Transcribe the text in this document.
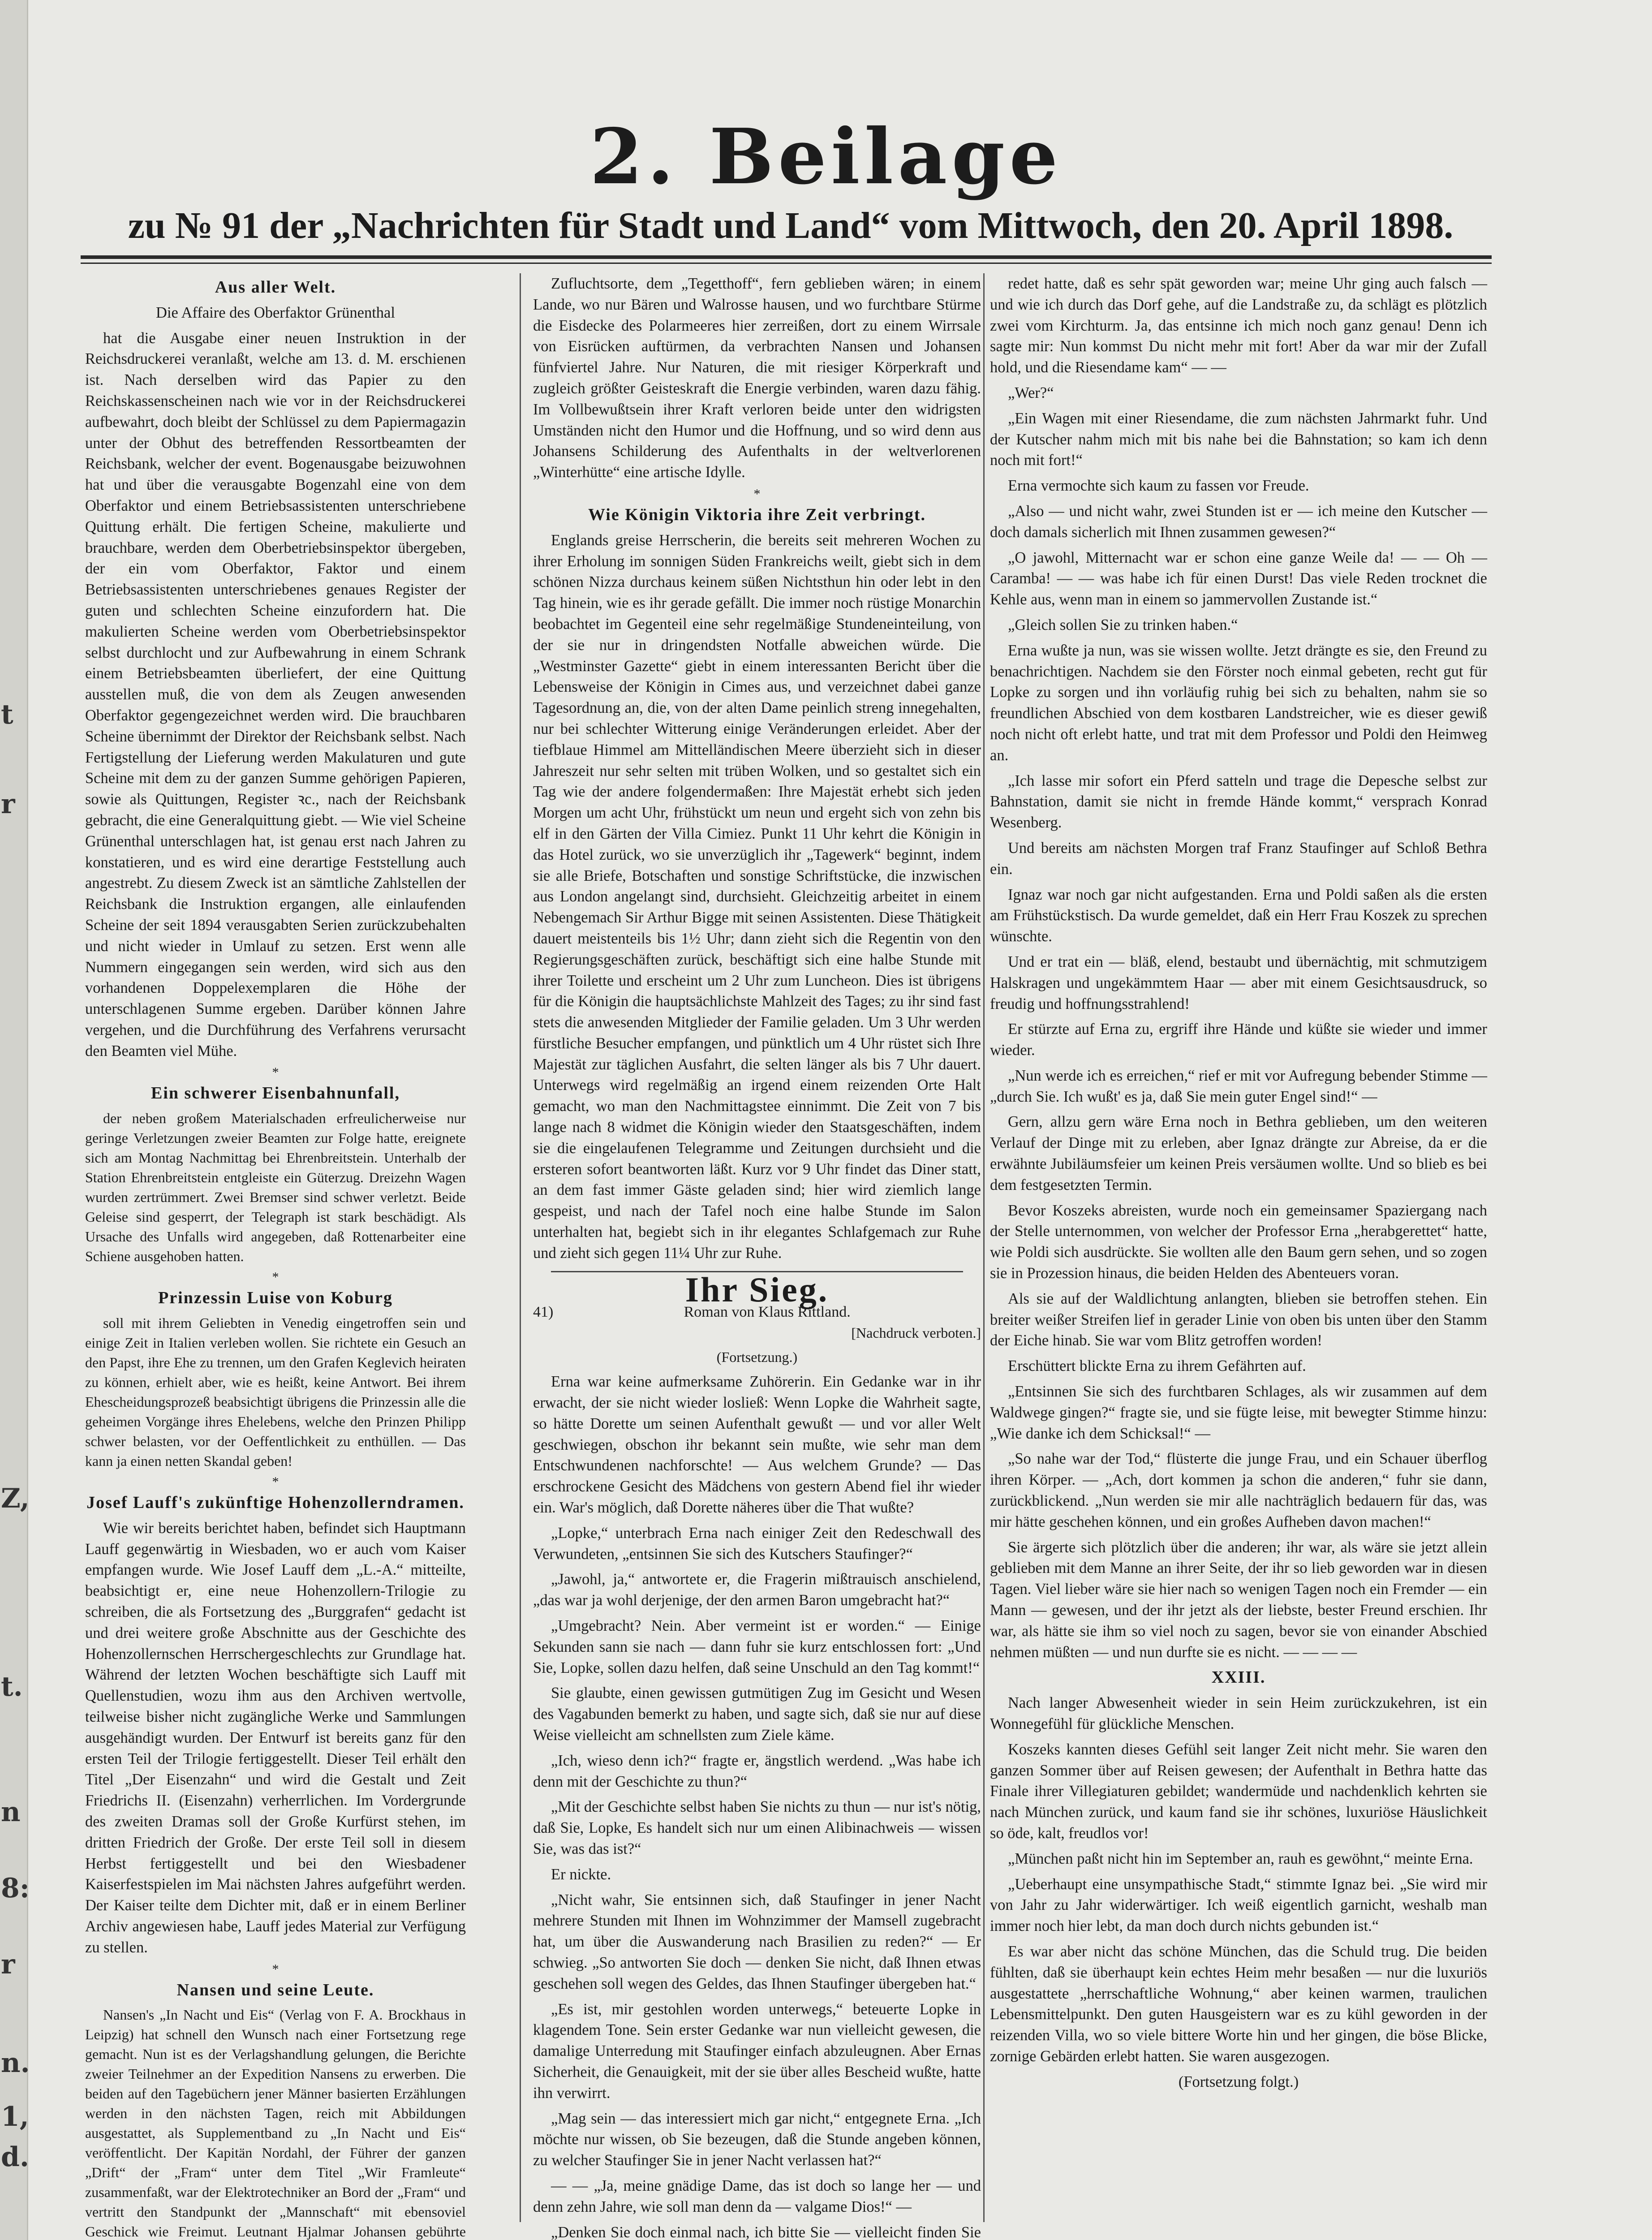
t
r
Z,
t.
n
8:
r
n.
1,
d.
2. Beilage
zu № 91 der „Nachrichten für Stadt und Land“ vom Mittwoch, den 20. April 1898.
Aus aller Welt.

Die Affaire des Oberfaktor Grünenthal

hat die Ausgabe einer neuen Instruktion in der Reichsdruckerei veranlaßt, welche am 13. d. M. erschienen ist. Nach derselben wird das Papier zu den Reichskassenscheinen nach wie vor in der Reichsdruckerei aufbewahrt, doch bleibt der Schlüssel zu dem Papiermagazin unter der Obhut des betreffenden Ressortbeamten der Reichsbank, welcher der event. Bogenausgabe beizuwohnen hat und über die verausgabte Bogenzahl eine von dem Oberfaktor und einem Betriebsassistenten unterschriebene Quittung erhält. Die fertigen Scheine, makulierte und brauchbare, werden dem Oberbetriebsinspektor übergeben, der ein vom Oberfaktor, Faktor und einem Betriebsassistenten unterschriebenes genaues Register der guten und schlechten Scheine einzufordern hat. Die makulierten Scheine werden vom Oberbetriebsinspektor selbst durchlocht und zur Aufbewahrung in einem Schrank einem Betriebsbeamten überliefert, der eine Quittung ausstellen muß, die von dem als Zeugen anwesenden Oberfaktor gegengezeichnet werden wird. Die brauchbaren Scheine übernimmt der Direktor der Reichsbank selbst. Nach Fertigstellung der Lieferung werden Makulaturen und gute Scheine mit dem zu der ganzen Summe gehörigen Papieren, sowie als Quittungen, Register ꝛc., nach der Reichsbank gebracht, die eine Generalquittung giebt. — Wie viel Scheine Grünenthal unterschlagen hat, ist genau erst nach Jahren zu konstatieren, und es wird eine derartige Feststellung auch angestrebt. Zu diesem Zweck ist an sämtliche Zahlstellen der Reichsbank die Instruktion ergangen, alle einlaufenden Scheine der seit 1894 verausgabten Serien zurückzubehalten und nicht wieder in Umlauf zu setzen. Erst wenn alle Nummern eingegangen sein werden, wird sich aus den vorhandenen Doppelexemplaren die Höhe der unterschlagenen Summe ergeben. Darüber können Jahre vergehen, und die Durchführung des Verfahrens verursacht den Beamten viel Mühe.

*
Ein schwerer Eisenbahnunfall,

der neben großem Materialschaden erfreulicherweise nur geringe Verletzungen zweier Beamten zur Folge hatte, ereignete sich am Montag Nachmittag bei Ehrenbreitstein. Unterhalb der Station Ehrenbreitstein entgleiste ein Güterzug. Dreizehn Wagen wurden zertrümmert. Zwei Bremser sind schwer verletzt. Beide Geleise sind gesperrt, der Telegraph ist stark beschädigt. Als Ursache des Unfalls wird angegeben, daß Rottenarbeiter eine Schiene ausgehoben hatten.

*
Prinzessin Luise von Koburg

soll mit ihrem Geliebten in Venedig eingetroffen sein und einige Zeit in Italien verleben wollen. Sie richtete ein Gesuch an den Papst, ihre Ehe zu trennen, um den Grafen Keglevich heiraten zu können, erhielt aber, wie es heißt, keine Antwort. Bei ihrem Ehescheidungsprozeß beabsichtigt übrigens die Prinzessin alle die geheimen Vorgänge ihres Ehelebens, welche den Prinzen Philipp schwer belasten, vor der Oeffentlichkeit zu enthüllen. — Das kann ja einen netten Skandal geben!

*
Josef Lauff's zukünftige Hohenzollerndramen.

Wie wir bereits berichtet haben, befindet sich Hauptmann Lauff gegenwärtig in Wiesbaden, wo er auch vom Kaiser empfangen wurde. Wie Josef Lauff dem „L.-A.“ mitteilte, beabsichtigt er, eine neue Hohenzollern-Trilogie zu schreiben, die als Fortsetzung des „Burggrafen“ gedacht ist und drei weitere große Abschnitte aus der Geschichte des Hohenzollernschen Herrschergeschlechts zur Grundlage hat. Während der letzten Wochen beschäftigte sich Lauff mit Quellenstudien, wozu ihm aus den Archiven wertvolle, teilweise bisher nicht zugängliche Werke und Sammlungen ausgehändigt wurden. Der Entwurf ist bereits ganz für den ersten Teil der Trilogie fertiggestellt. Dieser Teil erhält den Titel „Der Eisenzahn“ und wird die Gestalt und Zeit Friedrichs II. (Eisenzahn) verherrlichen. Im Vordergrunde des zweiten Dramas soll der Große Kurfürst stehen, im dritten Friedrich der Große. Der erste Teil soll in diesem Herbst fertiggestellt und bei den Wiesbadener Kaiserfestspielen im Mai nächsten Jahres aufgeführt werden. Der Kaiser teilte dem Dichter mit, daß er in einem Berliner Archiv angewiesen habe, Lauff jedes Material zur Verfügung zu stellen.

*
Nansen und seine Leute.

Nansen's „In Nacht und Eis“ (Verlag von F. A. Brockhaus in Leipzig) hat schnell den Wunsch nach einer Fortsetzung rege gemacht. Nun ist es der Verlagshandlung gelungen, die Berichte zweier Teilnehmer an der Expedition Nansens zu erwerben. Die beiden auf den Tagebüchern jener Männer basierten Erzählungen werden in den nächsten Tagen, reich mit Abbildungen ausgestattet, als Supplementband zu „In Nacht und Eis“ veröffentlicht. Der Kapitän Nordahl, der Führer der ganzen „Drift“ der „Fram“ unter dem Titel „Wir Framleute“ zusammenfaßt, war der Elektrotechniker an Bord der „Fram“ und vertritt den Standpunkt der „Mannschaft“ mit ebensoviel Geschick wie Freimut. Leutnant Hjalmar Johansen gebührte

Zufluchtsorte, dem „Tegetthoff“, fern geblieben wären; in einem Lande, wo nur Bären und Walrosse hausen, und wo furchtbare Stürme die Eisdecke des Polarmeeres hier zerreißen, dort zu einem Wirrsale von Eisrücken auftürmen, da verbrachten Nansen und Johansen fünfviertel Jahre. Nur Naturen, die mit riesiger Körperkraft und zugleich größter Geisteskraft die Energie verbinden, waren dazu fähig. Im Vollbewußtsein ihrer Kraft verloren beide unter den widrigsten Umständen nicht den Humor und die Hoffnung, und so wird denn aus Johansens Schilderung des Aufenthalts in der weltverlorenen „Winterhütte“ eine artische Idylle.

*
Wie Königin Viktoria ihre Zeit verbringt.

Englands greise Herrscherin, die bereits seit mehreren Wochen zu ihrer Erholung im sonnigen Süden Frankreichs weilt, giebt sich in dem schönen Nizza durchaus keinem süßen Nichtsthun hin oder lebt in den Tag hinein, wie es ihr gerade gefällt. Die immer noch rüstige Monarchin beobachtet im Gegenteil eine sehr regelmäßige Stundeneinteilung, von der sie nur in dringendsten Notfalle abweichen würde. Die „Westminster Gazette“ giebt in einem interessanten Bericht über die Lebensweise der Königin in Cimes aus, und verzeichnet dabei ganze Tagesordnung an, die, von der alten Dame peinlich streng innegehalten, nur bei schlechter Witterung einige Veränderungen erleidet. Aber der tiefblaue Himmel am Mittelländischen Meere überzieht sich in dieser Jahreszeit nur sehr selten mit trüben Wolken, und so gestaltet sich ein Tag wie der andere folgendermaßen: Ihre Majestät erhebt sich jeden Morgen um acht Uhr, frühstückt um neun und ergeht sich von zehn bis elf in den Gärten der Villa Cimiez. Punkt 11 Uhr kehrt die Königin in das Hotel zurück, wo sie unverzüglich ihr „Tagewerk“ beginnt, indem sie alle Briefe, Botschaften und sonstige Schriftstücke, die inzwischen aus London angelangt sind, durchsieht. Gleichzeitig arbeitet in einem Nebengemach Sir Arthur Bigge mit seinen Assistenten. Diese Thätigkeit dauert meistenteils bis 1½ Uhr; dann zieht sich die Regentin von den Regierungsgeschäften zurück, beschäftigt sich eine halbe Stunde mit ihrer Toilette und erscheint um 2 Uhr zum Luncheon. Dies ist übrigens für die Königin die hauptsächlichste Mahlzeit des Tages; zu ihr sind fast stets die anwesenden Mitglieder der Familie geladen. Um 3 Uhr werden fürstliche Besucher empfangen, und pünktlich um 4 Uhr rüstet sich Ihre Majestät zur täglichen Ausfahrt, die selten länger als bis 7 Uhr dauert. Unterwegs wird regelmäßig an irgend einem reizenden Orte Halt gemacht, wo man den Nachmittagstee einnimmt. Die Zeit von 7 bis lange nach 8 widmet die Königin wieder den Staatsgeschäften, indem sie die eingelaufenen Telegramme und Zeitungen durchsieht und die ersteren sofort beantworten läßt. Kurz vor 9 Uhr findet das Diner statt, an dem fast immer Gäste geladen sind; hier wird ziemlich lange gespeist, und nach der Tafel noch eine halbe Stunde im Salon unterhalten hat, begiebt sich in ihr elegantes Schlafgemach zur Ruhe und zieht sich gegen 11¼ Uhr zur Ruhe.

Ihr Sieg.
41)	Roman von Klaus Rittland.

[Nachdruck verboten.]

(Fortsetzung.)

Erna war keine aufmerksame Zuhörerin. Ein Gedanke war in ihr erwacht, der sie nicht wieder losließ: Wenn Lopke die Wahrheit sagte, so hätte Dorette um seinen Aufenthalt gewußt — und vor aller Welt geschwiegen, obschon ihr bekannt sein mußte, wie sehr man dem Entschwundenen nachforschte! — Aus welchem Grunde? — Das erschrockene Gesicht des Mädchens von gestern Abend fiel ihr wieder ein. War's möglich, daß Dorette näheres über die That wußte?

„Lopke,“ unterbrach Erna nach einiger Zeit den Redeschwall des Verwundeten, „entsinnen Sie sich des Kutschers Staufinger?“

„Jawohl, ja,“ antwortete er, die Fragerin mißtrauisch anschielend, „das war ja wohl derjenige, der den armen Baron umgebracht hat?“

„Umgebracht? Nein. Aber vermeint ist er worden.“ — Einige Sekunden sann sie nach — dann fuhr sie kurz entschlossen fort: „Und Sie, Lopke, sollen dazu helfen, daß seine Unschuld an den Tag kommt!“

Sie glaubte, einen gewissen gutmütigen Zug im Gesicht und Wesen des Vagabunden bemerkt zu haben, und sagte sich, daß sie nur auf diese Weise vielleicht am schnellsten zum Ziele käme.

„Ich, wieso denn ich?“ fragte er, ängstlich werdend. „Was habe ich denn mit der Geschichte zu thun?“

„Mit der Geschichte selbst haben Sie nichts zu thun — nur ist's nötig, daß Sie, Lopke, Es handelt sich nur um einen Alibinachweis — wissen Sie, was das ist?“

Er nickte.

„Nicht wahr, Sie entsinnen sich, daß Staufinger in jener Nacht mehrere Stunden mit Ihnen im Wohnzimmer der Mamsell zugebracht hat, um über die Auswanderung nach Brasilien zu reden?“ — Er schwieg. „So antworten Sie doch — denken Sie nicht, daß Ihnen etwas geschehen soll wegen des Geldes, das Ihnen Staufinger übergeben hat.“

„Es ist, mir gestohlen worden unterwegs,“ beteuerte Lopke in klagendem Tone. Sein erster Gedanke war nun vielleicht gewesen, die damalige Unterredung mit Staufinger einfach abzuleugnen. Aber Ernas Sicherheit, die Genauigkeit, mit der sie über alles Bescheid wußte, hatte ihn verwirrt.

„Mag sein — das interessiert mich gar nicht,“ entgegnete Erna. „Ich möchte nur wissen, ob Sie bezeugen, daß die Stunde angeben können, zu welcher Staufinger Sie in jener Nacht verlassen hat?“

— — „Ja, meine gnädige Dame, das ist doch so lange her — und denn zehn Jahre, wie soll man denn da — valgame Dios!“ —

„Denken Sie doch einmal nach, ich bitte Sie — vielleicht finden Sie

redet hatte, daß es sehr spät geworden war; meine Uhr ging auch falsch — und wie ich durch das Dorf gehe, auf die Landstraße zu, da schlägt es plötzlich zwei vom Kirchturm. Ja, das entsinne ich mich noch ganz genau! Denn ich sagte mir: Nun kommst Du nicht mehr mit fort! Aber da war mir der Zufall hold, und die Riesendame kam“ — —

„Wer?“

„Ein Wagen mit einer Riesendame, die zum nächsten Jahrmarkt fuhr. Und der Kutscher nahm mich mit bis nahe bei die Bahnstation; so kam ich denn noch mit fort!“

Erna vermochte sich kaum zu fassen vor Freude.

„Also — und nicht wahr, zwei Stunden ist er — ich meine den Kutscher — doch damals sicherlich mit Ihnen zusammen gewesen?“

„O jawohl, Mitternacht war er schon eine ganze Weile da! — — Oh — Caramba! — — was habe ich für einen Durst! Das viele Reden trocknet die Kehle aus, wenn man in einem so jammervollen Zustande ist.“

„Gleich sollen Sie zu trinken haben.“

Erna wußte ja nun, was sie wissen wollte. Jetzt drängte es sie, den Freund zu benachrichtigen. Nachdem sie den Förster noch einmal gebeten, recht gut für Lopke zu sorgen und ihn vorläufig ruhig bei sich zu behalten, nahm sie so freundlichen Abschied von dem kostbaren Landstreicher, wie es dieser gewiß noch nicht oft erlebt hatte, und trat mit dem Professor und Poldi den Heimweg an.

„Ich lasse mir sofort ein Pferd satteln und trage die Depesche selbst zur Bahnstation, damit sie nicht in fremde Hände kommt,“ versprach Konrad Wesenberg.

Und bereits am nächsten Morgen traf Franz Staufinger auf Schloß Bethra ein.

Ignaz war noch gar nicht aufgestanden. Erna und Poldi saßen als die ersten am Frühstückstisch. Da wurde gemeldet, daß ein Herr Frau Koszek zu sprechen wünschte.

Und er trat ein — bläß, elend, bestaubt und übernächtig, mit schmutzigem Halskragen und ungekämmtem Haar — aber mit einem Gesichtsausdruck, so freudig und hoffnungsstrahlend!

Er stürzte auf Erna zu, ergriff ihre Hände und küßte sie wieder und immer wieder.

„Nun werde ich es erreichen,“ rief er mit vor Aufregung bebender Stimme — „durch Sie. Ich wußt' es ja, daß Sie mein guter Engel sind!“ —

Gern, allzu gern wäre Erna noch in Bethra geblieben, um den weiteren Verlauf der Dinge mit zu erleben, aber Ignaz drängte zur Abreise, da er die erwähnte Jubiläumsfeier um keinen Preis versäumen wollte. Und so blieb es bei dem festgesetzten Termin.

Bevor Koszeks abreisten, wurde noch ein gemeinsamer Spaziergang nach der Stelle unternommen, von welcher der Professor Erna „herabgerettet“ hatte, wie Poldi sich ausdrückte. Sie wollten alle den Baum gern sehen, und so zogen sie in Prozession hinaus, die beiden Helden des Abenteuers voran.

Als sie auf der Waldlichtung anlangten, blieben sie betroffen stehen. Ein breiter weißer Streifen lief in gerader Linie von oben bis unten über den Stamm der Eiche hinab. Sie war vom Blitz getroffen worden!

Erschüttert blickte Erna zu ihrem Gefährten auf.

„Entsinnen Sie sich des furchtbaren Schlages, als wir zusammen auf dem Waldwege gingen?“ fragte sie, und sie fügte leise, mit bewegter Stimme hinzu: „Wie danke ich dem Schicksal!“ —

„So nahe war der Tod,“ flüsterte die junge Frau, und ein Schauer überflog ihren Körper. — „Ach, dort kommen ja schon die anderen,“ fuhr sie dann, zurückblickend. „Nun werden sie mir alle nachträglich bedauern für das, was mir hätte geschehen können, und ein großes Aufheben davon machen!“

Sie ärgerte sich plötzlich über die anderen; ihr war, als wäre sie jetzt allein geblieben mit dem Manne an ihrer Seite, der ihr so lieb geworden war in diesen Tagen. Viel lieber wäre sie hier nach so wenigen Tagen noch ein Fremder — ein Mann — gewesen, und der ihr jetzt als der liebste, bester Freund erschien. Ihr war, als hätte sie ihm so viel noch zu sagen, bevor sie von einander Abschied nehmen müßten — und nun durfte sie es nicht. — — — —

XXIII.

Nach langer Abwesenheit wieder in sein Heim zurückzukehren, ist ein Wonnegefühl für glückliche Menschen.

Koszeks kannten dieses Gefühl seit langer Zeit nicht mehr. Sie waren den ganzen Sommer über auf Reisen gewesen; der Aufenthalt in Bethra hatte das Finale ihrer Villegiaturen gebildet; wandermüde und nachdenklich kehrten sie nach München zurück, und kaum fand sie ihr schönes, luxuriöse Häuslichkeit so öde, kalt, freudlos vor!

„München paßt nicht hin im September an, rauh es gewöhnt,“ meinte Erna.

„Ueberhaupt eine unsympathische Stadt,“ stimmte Ignaz bei. „Sie wird mir von Jahr zu Jahr widerwärtiger. Ich weiß eigentlich garnicht, weshalb man immer noch hier lebt, da man doch durch nichts gebunden ist.“

Es war aber nicht das schöne München, das die Schuld trug. Die beiden fühlten, daß sie überhaupt kein echtes Heim mehr besaßen — nur die luxuriös ausgestattete „herrschaftliche Wohnung,“ aber keinen warmen, traulichen Lebensmittelpunkt. Den guten Hausgeistern war es zu kühl geworden in der reizenden Villa, wo so viele bittere Worte hin und her gingen, die böse Blicke, zornige Gebärden erlebt hatten. Sie waren ausgezogen.

(Fortsetzung folgt.)
